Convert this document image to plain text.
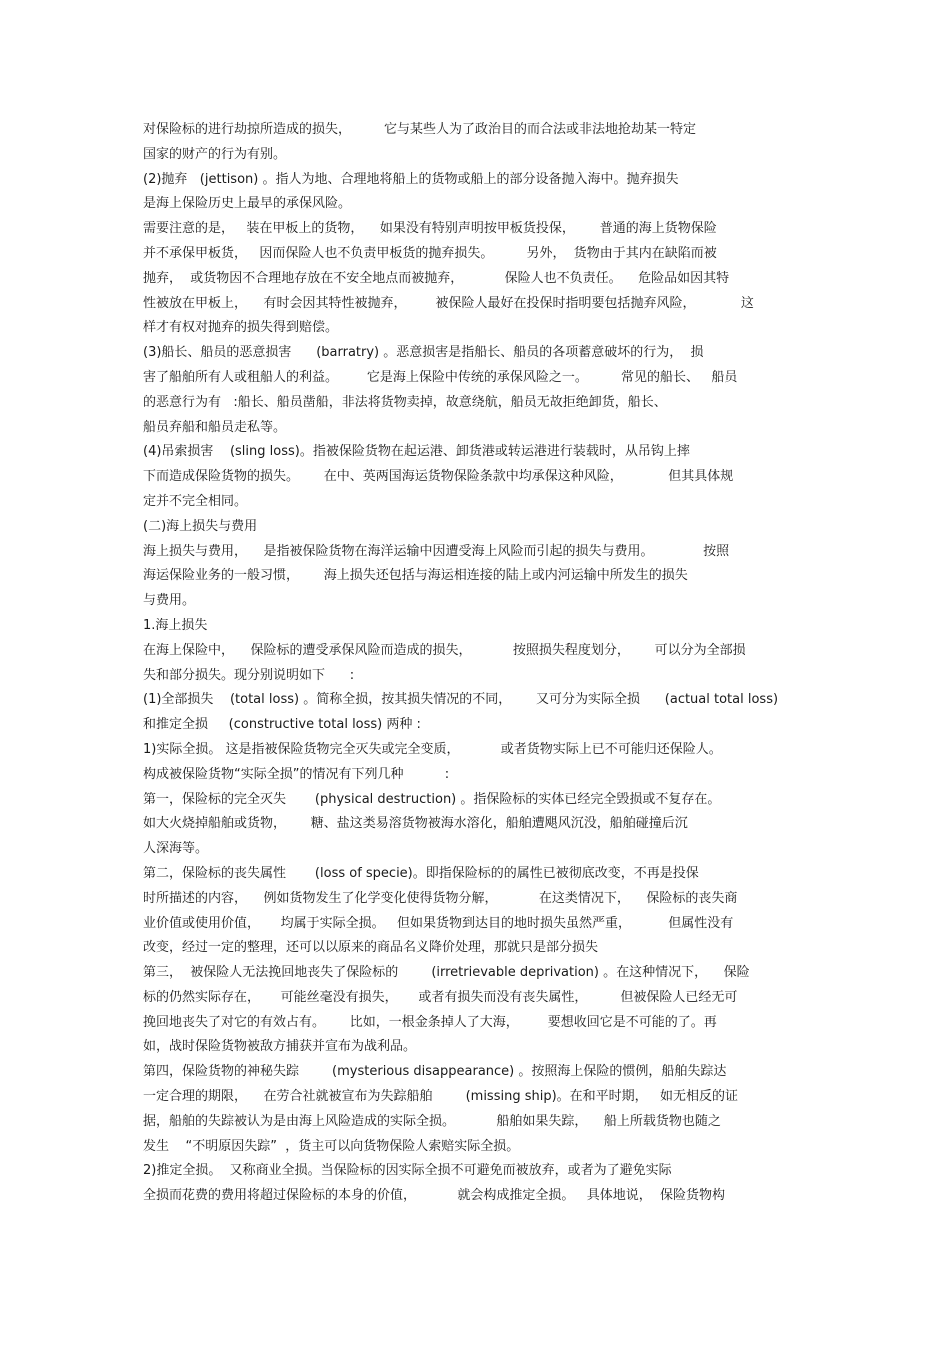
对保险标的进行劫掠所造成的损失，        它与某些人为了政治目的而合法或非法地抢劫某一特定
国家的财产的行为有别。
(2)抛弃   (jettison) 。指人为地、合理地将船上的货物或船上的部分设备抛入海中。抛弃损失
是海上保险历史上最早的承保风险。
需要注意的是，   装在甲板上的货物，    如果没有特别声明按甲板货投保，      普通的海上货物保险
并不承保甲板货，   因而保险人也不负责甲板货的抛弃损失。        另外，  货物由于其内在缺陷而被
抛弃，  或货物因不合理地存放在不安全地点而被抛弃，          保险人也不负责任。    危险品如因其特
性被放在甲板上，    有时会因其特性被抛弃，       被保险人最好在投保时指明要包括抛弃风险，           这
样才有权对抛弃的损失得到赔偿。
(3)船长、船员的恶意损害      (barratry) 。恶意损害是指船长、船员的各项蓄意破坏的行为，  损
害了船舶所有人或租船人的利益。       它是海上保险中传统的承保风险之一。        常见的船长、   船员
的恶意行为有   :船长、船员凿船，非法将货物卖掉，故意绕航，船员无故拒绝卸货，船长、
船员弃船和船员走私等。
(4)吊索损害    (sling loss)。指被保险货物在起运港、卸货港或转运港进行装载时，从吊钩上摔
下而造成保险货物的损失。      在中、英两国海运货物保险条款中均承保这种风险，           但其具体规
定并不完全相同。
(二)海上损失与费用
海上损失与费用，    是指被保险货物在海洋运输中因遭受海上风险而引起的损失与费用。            按照
海运保险业务的一般习惯，      海上损失还包括与海运相连接的陆上或内河运输中所发生的损失
与费用。
1.海上损失
在海上保险中，    保险标的遭受承保风险而造成的损失，          按照损失程度划分，      可以分为全部损
失和部分损失。现分别说明如下      :
(1)全部损失    (total loss) 。简称全损，按其损失情况的不同，      又可分为实际全损      (actual total loss)
和推定全损     (constructive total loss) 两种 :
1)实际全损。 这是指被保险货物完全灭失或完全变质，          或者货物实际上已不可能归还保险人。
构成被保险货物“实际全损”的情况有下列几种          :
第一，保险标的完全灭失       (physical destruction) 。指保险标的实体已经完全毁损或不复存在。
如大火烧掉船舶或货物，      糖、盐这类易溶货物被海水溶化，船舶遭飓风沉没，船舶碰撞后沉
人深海等。
第二，保险标的丧失属性       (loss of specie)。即指保险标的的属性已被彻底改变，不再是投保
时所描述的内容，    例如货物发生了化学变化使得货物分解，          在这类情况下，    保险标的丧失商
业价值或使用价值，     均属于实际全损。   但如果货物到达目的地时损失虽然严重，         但属性没有
改变，经过一定的整理，还可以以原来的商品名义降价处理，那就只是部分损失
第三，  被保险人无法挽回地丧失了保险标的        (irretrievable deprivation) 。在这种情况下，    保险
标的仍然实际存在，     可能丝毫没有损失，     或者有损失而没有丧失属性，        但被保险人已经无可
挽回地丧失了对它的有效占有。      比如，一根金条掉人了大海，       要想收回它是不可能的了。再
如，战时保险货物被敌方捕获并宣布为战利品。
第四，保险货物的神秘失踪        (mysterious disappearance) 。按照海上保险的惯例，船舶失踪达
一定合理的期限，    在劳合社就被宣布为失踪船舶        (missing ship)。在和平时期，   如无相反的证
据，船舶的失踪被认为是由海上风险造成的实际全损。          船舶如果失踪，    船上所载货物也随之
发生    “不明原因失踪”  ，货主可以向货物保险人索赔实际全损。
2)推定全损。  又称商业全损。当保险标的因实际全损不可避免而被放弃，或者为了避免实际
全损而花费的费用将超过保险标的本身的价值，          就会构成推定全损。   具体地说，  保险货物构
